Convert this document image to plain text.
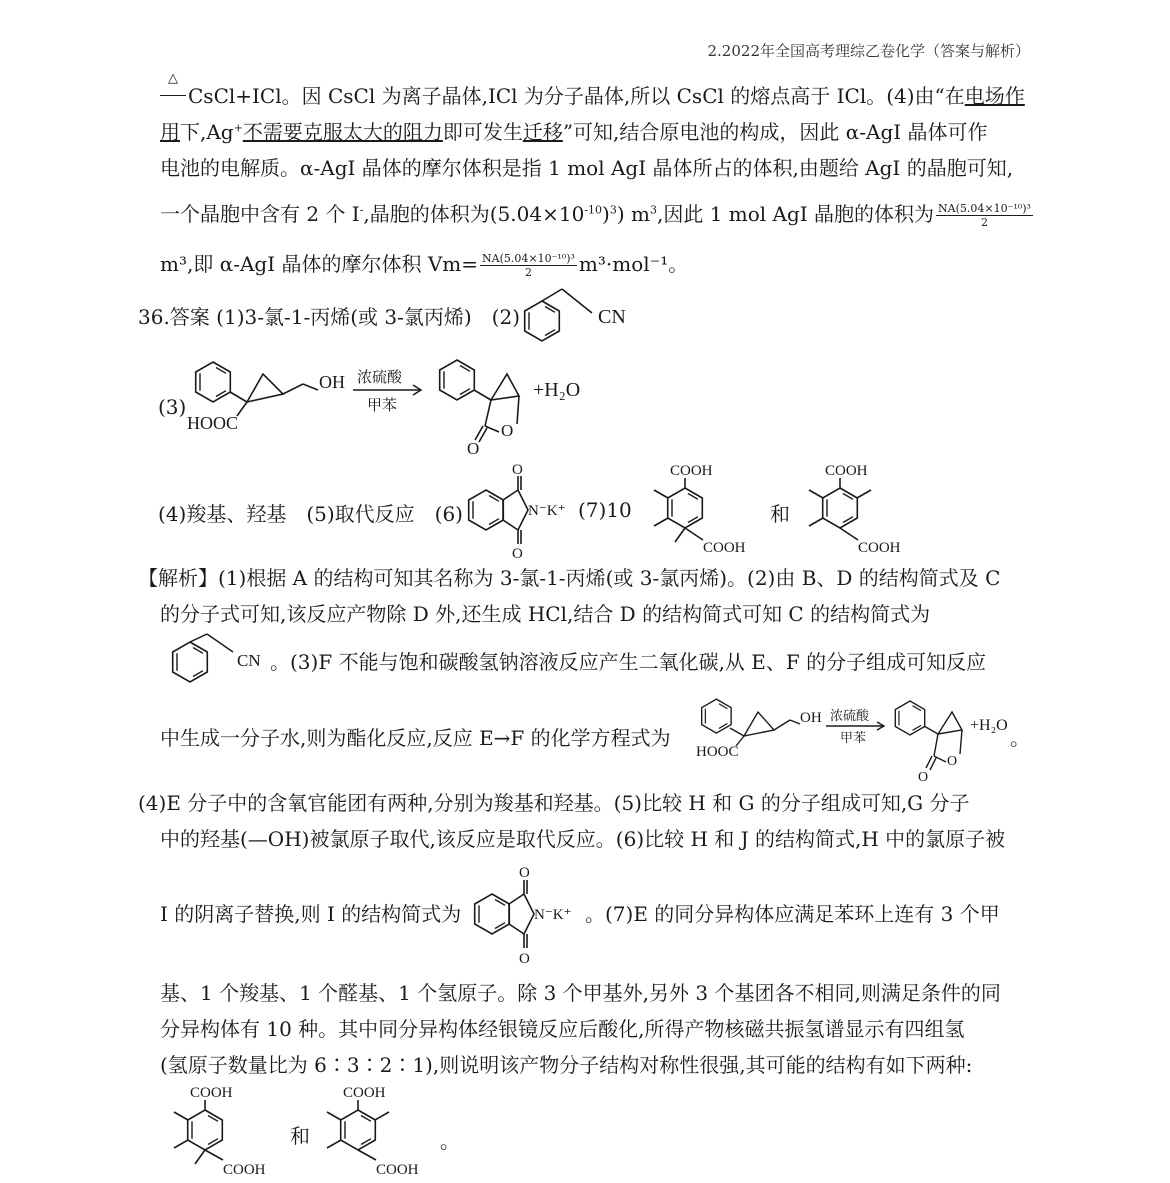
2.2022年全国高考理综乙卷化学（答案与解析）
△
CsCl+ICl。因 CsCl 为离子晶体,ICl 为分子晶体,所以 CsCl 的熔点高于 ICl。(4)由“在电场作
用下,Ag+不需要克服太大的阻力即可发生迁移”可知,结合原电池的构成，因此 α-AgI 晶体可作
电池的电解质。α-AgI 晶体的摩尔体积是指 1 mol AgI 晶体所占的体积,由题给 AgI 的晶胞可知,
一个晶胞中含有 2 个 I-,晶胞的体积为$(5.04\times 10^{-10})^3$) $m^3$,因此 1 mol AgI 晶胞的体积为 $\frac{\text{NA(5.04×10⁻¹⁰)³}}{2}$
m³,即 α-AgI 晶体的摩尔体积 $Vm= \frac{\text{NA(5.04×10⁻¹⁰)³}}{2} m^3\cdot mol^{-1}$。
36.答案 (1)3-氯-1-丙烯(或 3-氯丙烯)　(2)	CN
(3)
OH
HOOC
浓硫酸
甲苯
O
O
+H₂O
(4)羧基、羟基　(5)取代反应　(6)
O
O
N⁻K⁺ (7)10
COOH
COOH
和
COOH
COOH
【解析】(1)根据 A 的结构可知其名称为 3-氯-1-丙烯(或 3-氯丙烯)。(2)由 B、D 的结构简式及 C
的分子式可知,该反应产物除 D 外,还生成 HCl,结合 D 的结构简式可知 C 的结构简式为
CN 。(3)F 不能与饱和碳酸氢钠溶液反应产生二氧化碳,从 E、F 的分子组成可知反应
中生成一分子水,则为酯化反应,反应 E→F 的化学方程式为
OH
HOOC
浓硫酸
甲苯
O
O
+H₂O
。
(4)E 分子中的含氧官能团有两种,分别为羧基和羟基。(5)比较 H 和 G 的分子组成可知,G 分子
中的羟基(—OH)被氯原子取代,该反应是取代反应。(6)比较 H 和 J 的结构简式,H 中的氯原子被
I 的阴离子替换,则 I 的结构简式为
O
O
N⁻K⁺ 。(7)E 的同分异构体应满足苯环上连有 3 个甲
基、1 个羧基、1 个醛基、1 个氢原子。除 3 个甲基外,另外 3 个基团各不相同,则满足条件的同
分异构体有 10 种。其中同分异构体经银镜反应后酸化,所得产物核磁共振氢谱显示有四组氢
(氢原子数量比为 6∶3∶2∶1),则说明该产物分子结构对称性很强,其可能的结构有如下两种:
COOH
COOH
和
COOH
COOH
。
